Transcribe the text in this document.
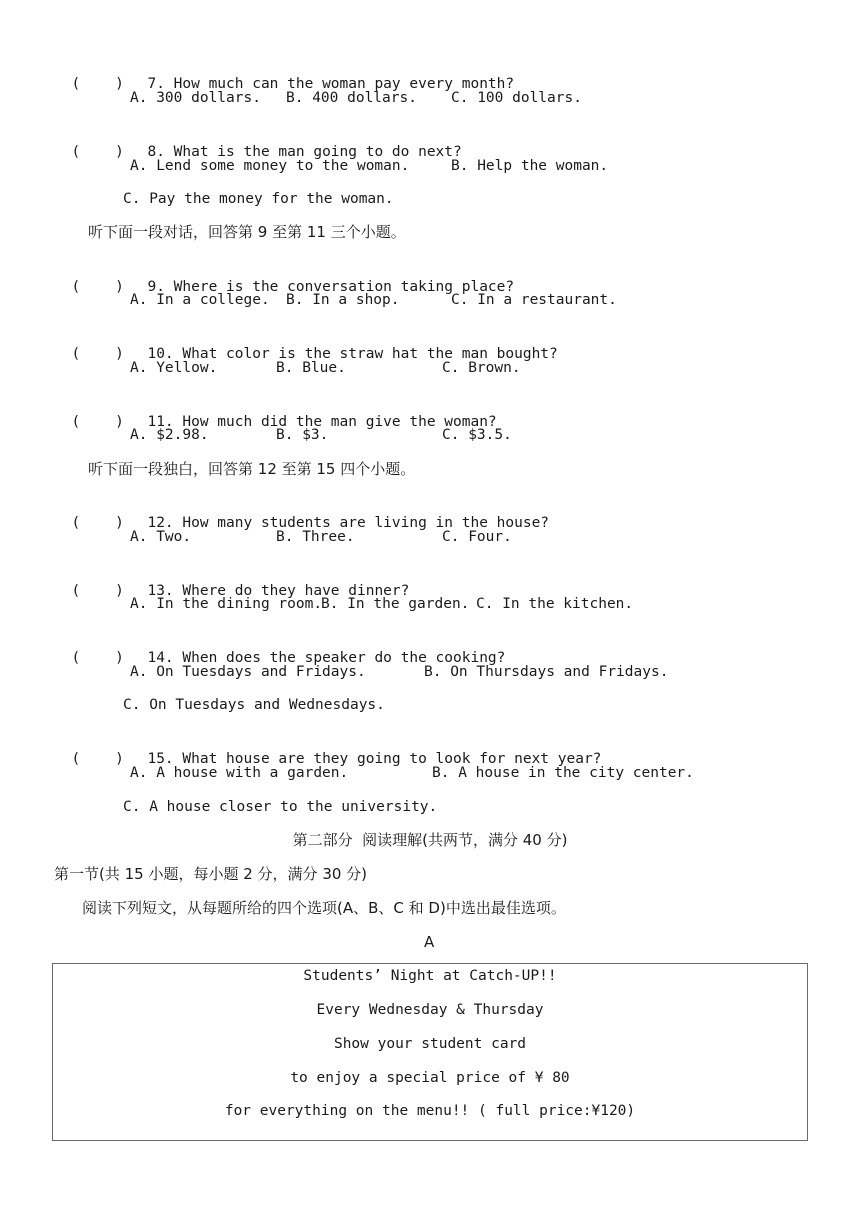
(    ) 7. How much can the woman pay every month?

A. 300 dollars. B. 400 dollars. C. 100 dollars.

(    ) 8. What is the man going to do next?

A. Lend some money to the woman.	B. Help the woman.
C. Pay the money for the woman.
听下面一段对话，回答第 9 至第 11 三个小题。

(    ) 9. Where is the conversation taking place?

A. In a college. B. In a shop.	C. In a restaurant.

(    ) 10. What color is the straw hat the man bought?

A. Yellow.	B. Blue.	C. Brown.

(    ) 11. How much did the man give the woman?

A. $2.98.	B. $3.	C. $3.5.
听下面一段独白，回答第 12 至第 15 四个小题。

(    ) 12. How many students are living in the house?

A. Two.	B. Three.	C. Four.

(    ) 13. Where do they have dinner?

A. In the dining room.
B. In the garden. C. In the kitchen.

(    ) 14. When does the speaker do the cooking?

A. On Tuesdays and Fridays.	B. On Thursdays and Fridays.
C. On Tuesdays and Wednesdays.

(    ) 15. What house are they going to look for next year?

A. A house with a garden.	B. A house in the city center.
C. A house closer to the university.
第二部分  阅读理解(共两节，满分 40 分)
第一节(共 15 小题，每小题 2 分，满分 30 分)
阅读下列短文，从每题所给的四个选项(A、B、C 和 D)中选出最佳选项。
A
Students’ Night at Catch-UP!!
Every Wednesday & Thursday
Show your student card
to enjoy a special price of ¥ 80
for everything on the menu!! ( full price:¥120)
